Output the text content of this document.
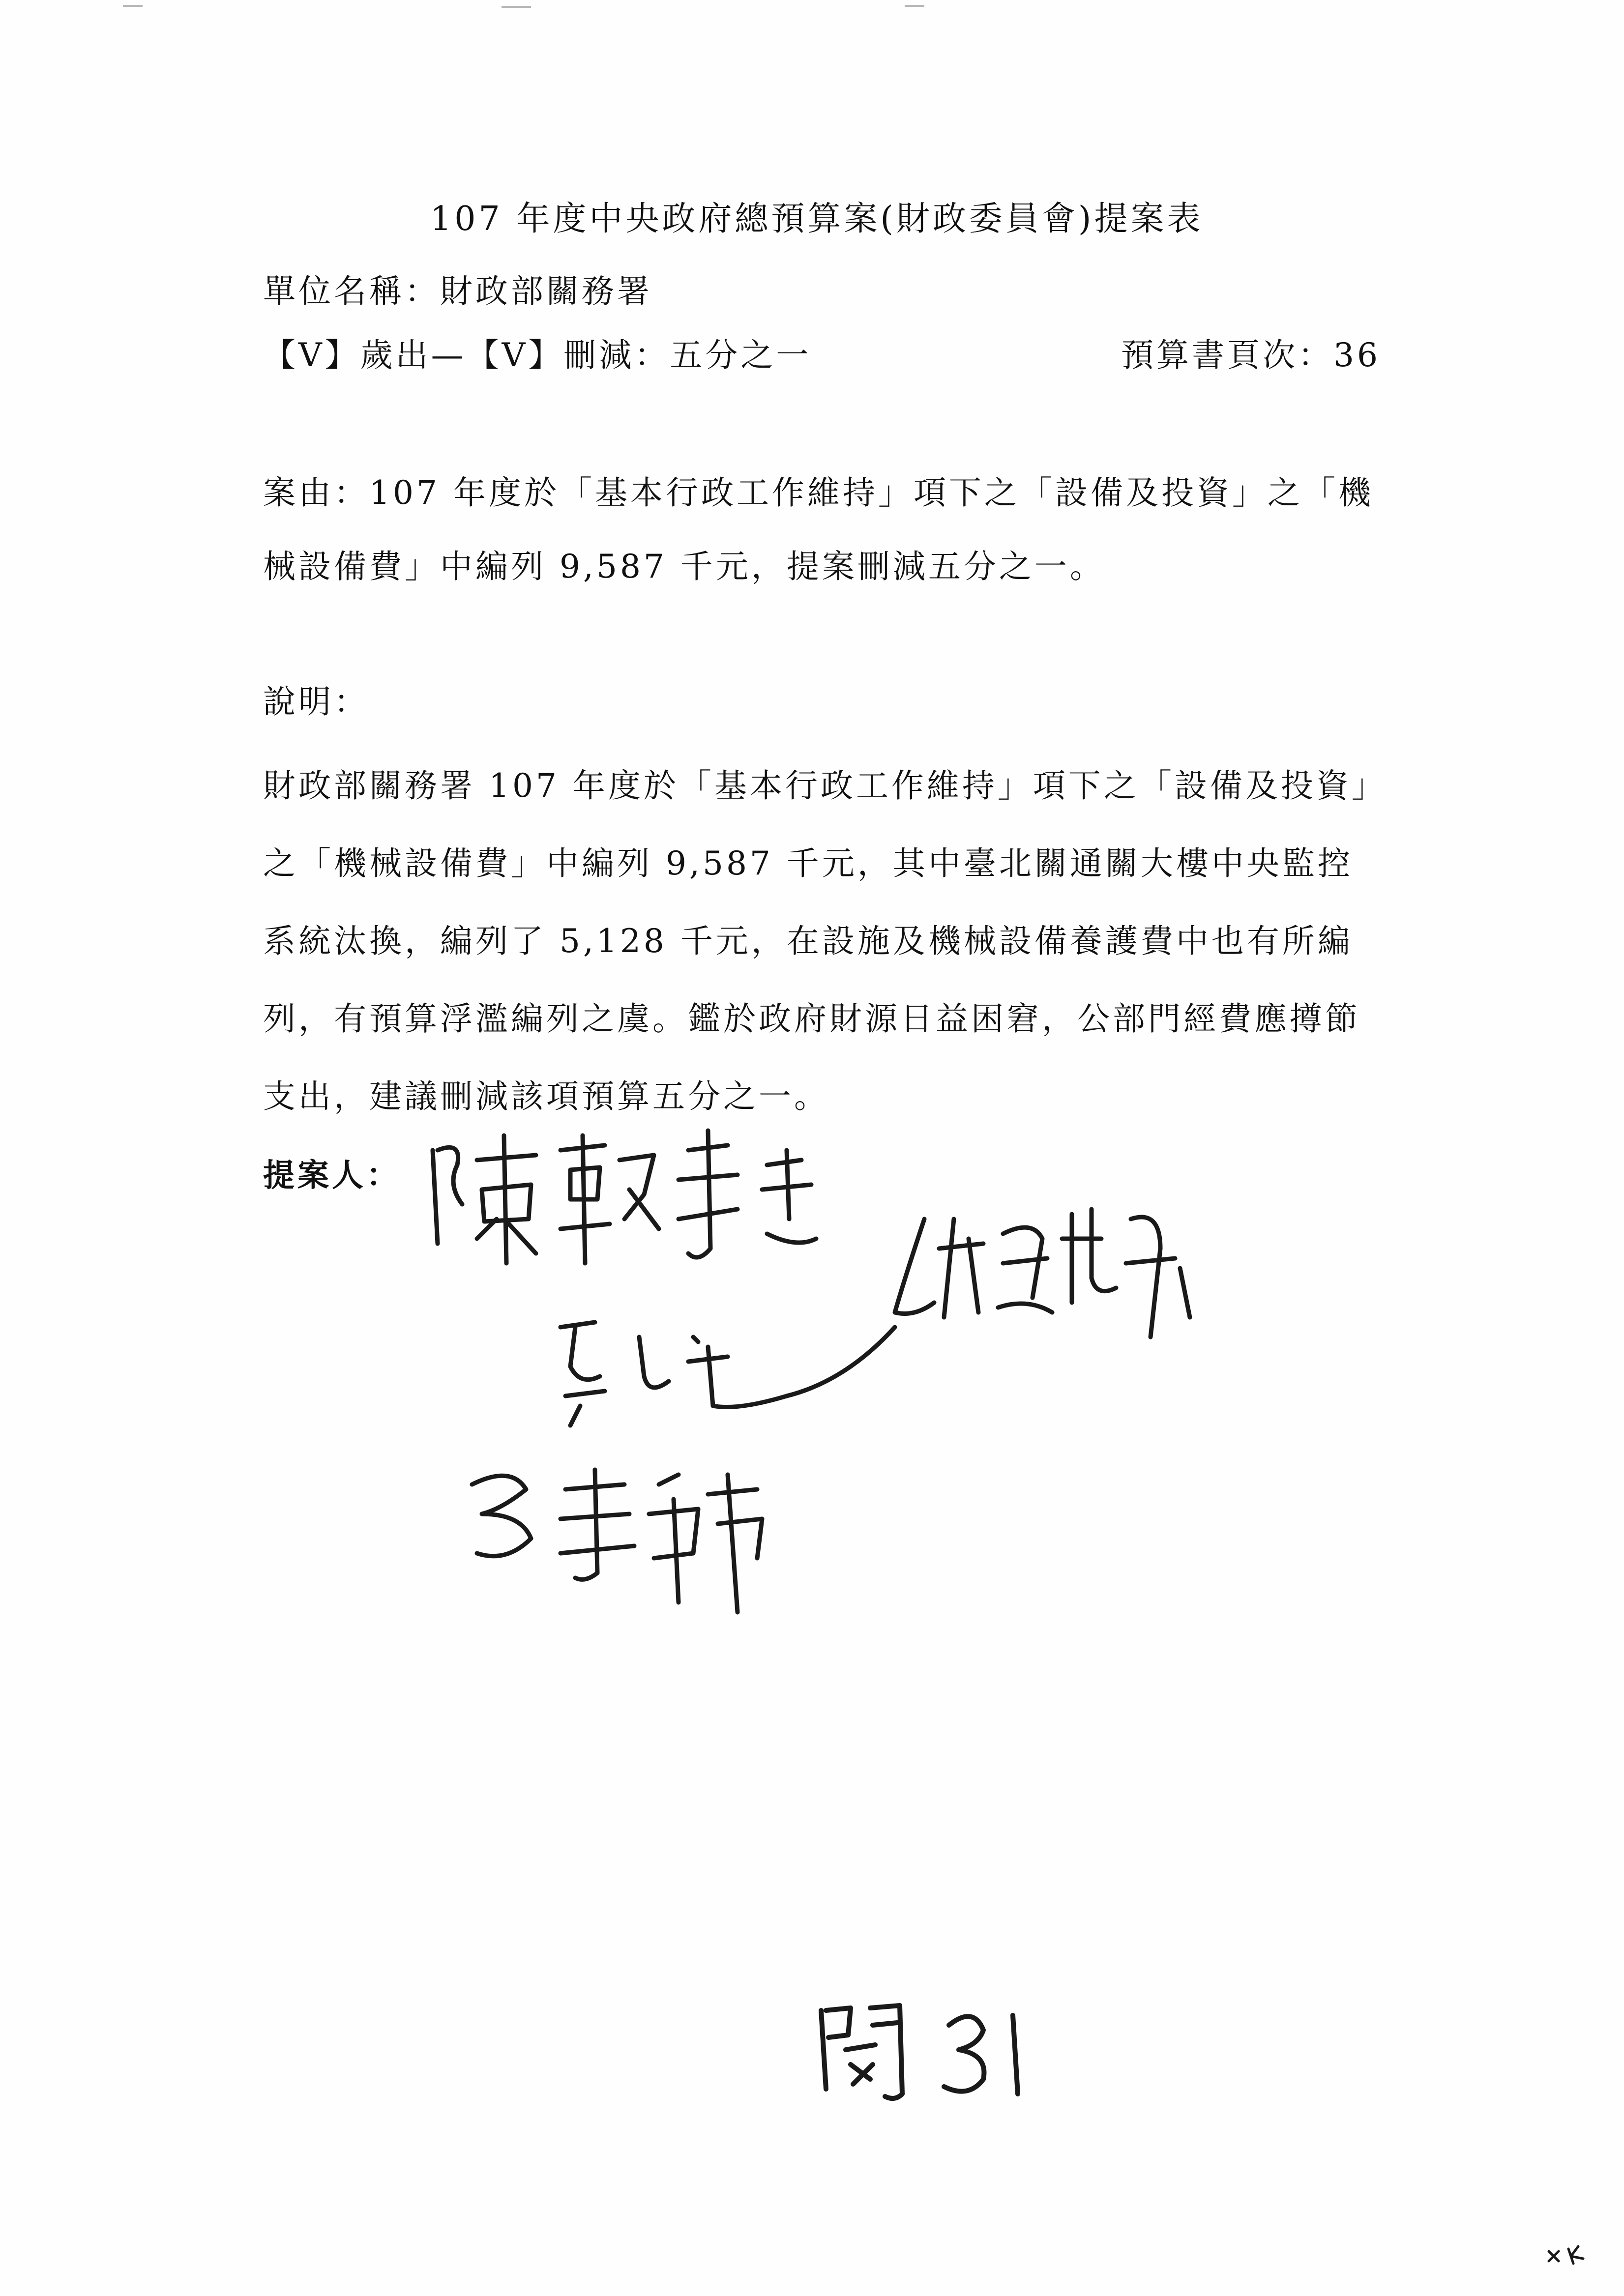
107 年度中央政府總預算案(財政委員會)提案表
單位名稱：財政部關務署
【V】歲出—【V】刪減：五分之一	預算書頁次：36
案由：107 年度於「基本行政工作維持」項下之「設備及投資」之「機
械設備費」中編列 9,587 千元，提案刪減五分之一。
說明：
財政部關務署 107 年度於「基本行政工作維持」項下之「設備及投資」之「機械設備費」中編列 9,587 千元，其中臺北關通關大樓中央監控系統汰換，編列了 5,128 千元，在設施及機械設備養護費中也有所編列，有預算浮濫編列之虞。鑑於政府財源日益困窘，公部門經費應撙節支出，建議刪減該項預算五分之一。
提案人：
